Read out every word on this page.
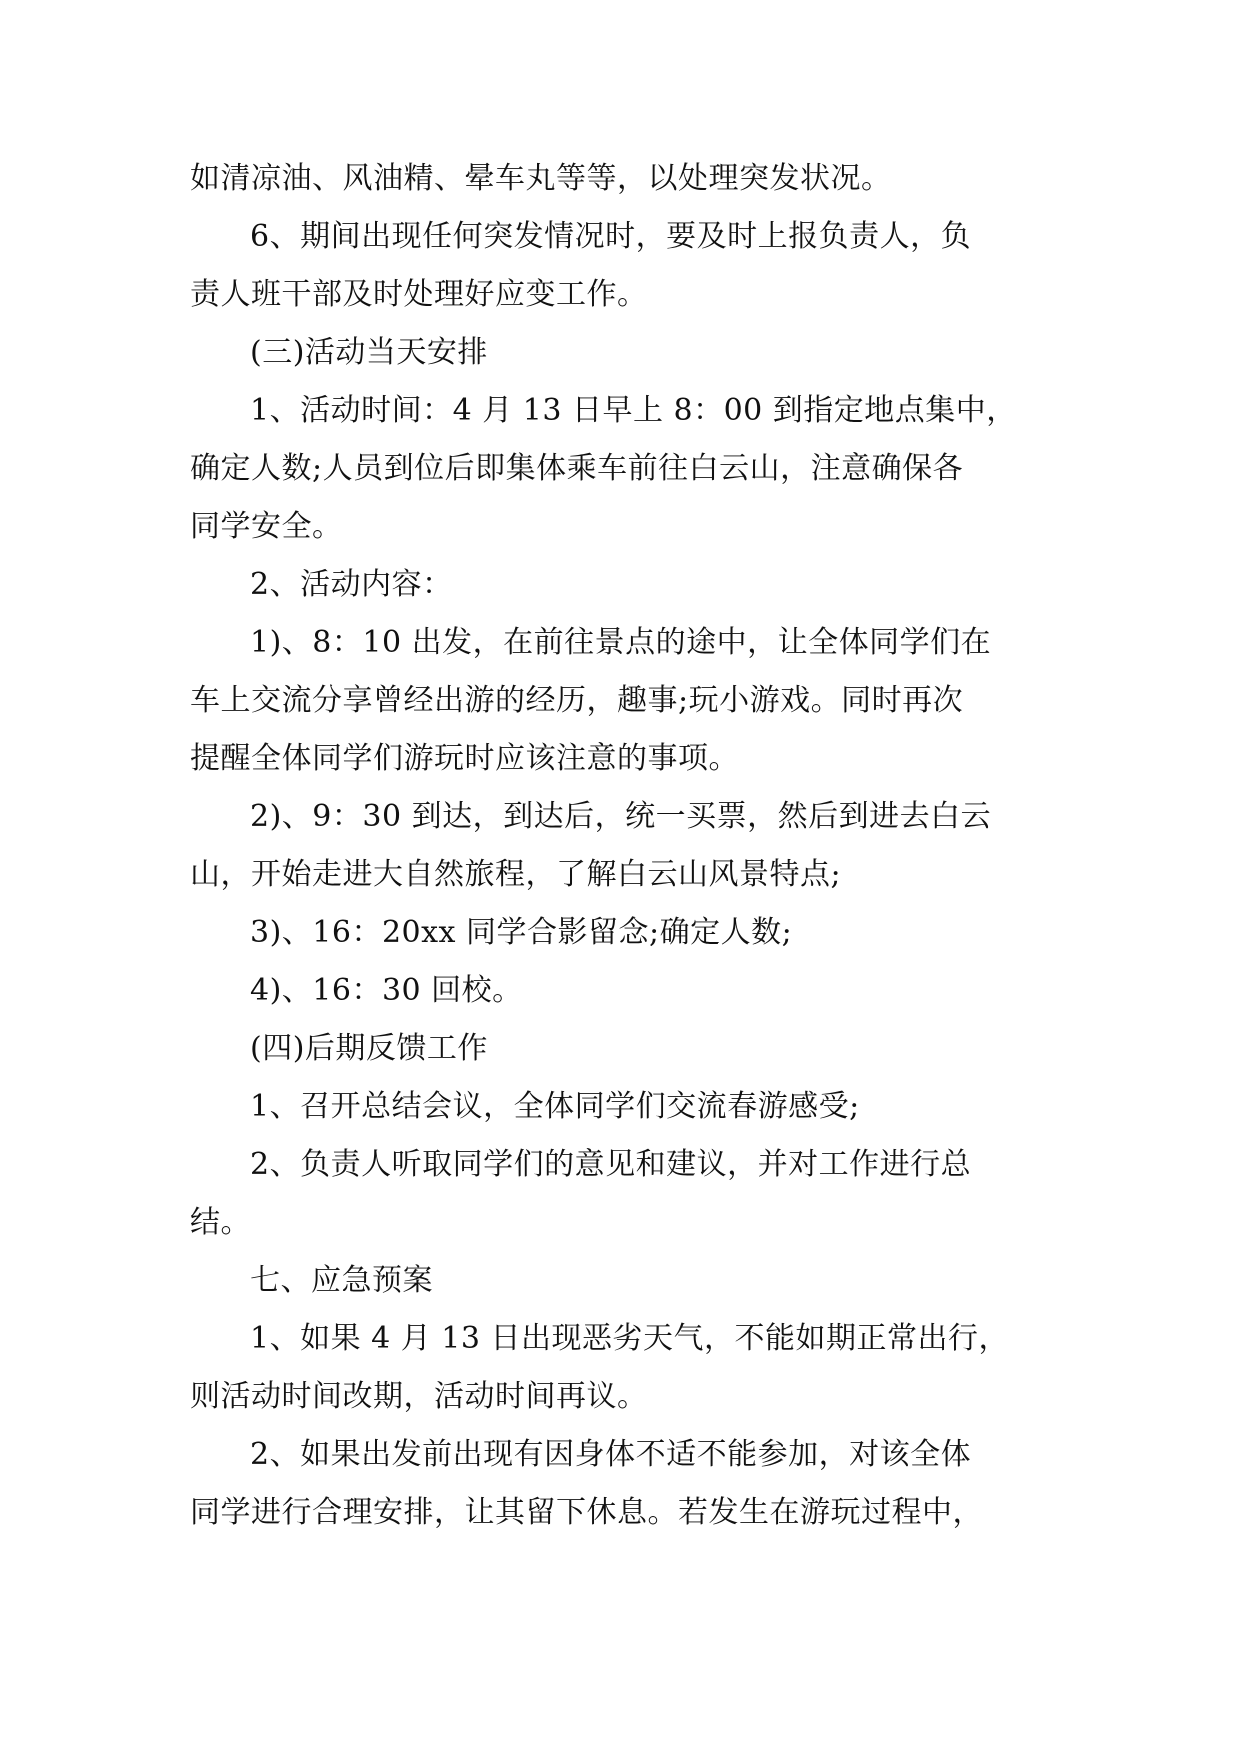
如清凉油、风油精、晕车丸等等，以处理突发状况。
6、期间出现任何突发情况时，要及时上报负责人，负
责人班干部及时处理好应变工作。
(三)活动当天安排
1、活动时间：4 月 13 日早上 8：00 到指定地点集中，
确定人数;人员到位后即集体乘车前往白云山，注意确保各
同学安全。
2、活动内容：
1)、8：10 出发，在前往景点的途中，让全体同学们在
车上交流分享曾经出游的经历，趣事;玩小游戏。同时再次
提醒全体同学们游玩时应该注意的事项。
2)、9：30 到达，到达后，统一买票，然后到进去白云
山，开始走进大自然旅程，了解白云山风景特点;
3)、16：20xx 同学合影留念;确定人数;
4)、16：30 回校。
(四)后期反馈工作
1、召开总结会议，全体同学们交流春游感受;
2、负责人听取同学们的意见和建议，并对工作进行总
结。
七、应急预案
1、如果 4 月 13 日出现恶劣天气，不能如期正常出行，
则活动时间改期，活动时间再议。
2、如果出发前出现有因身体不适不能参加，对该全体
同学进行合理安排，让其留下休息。若发生在游玩过程中，
